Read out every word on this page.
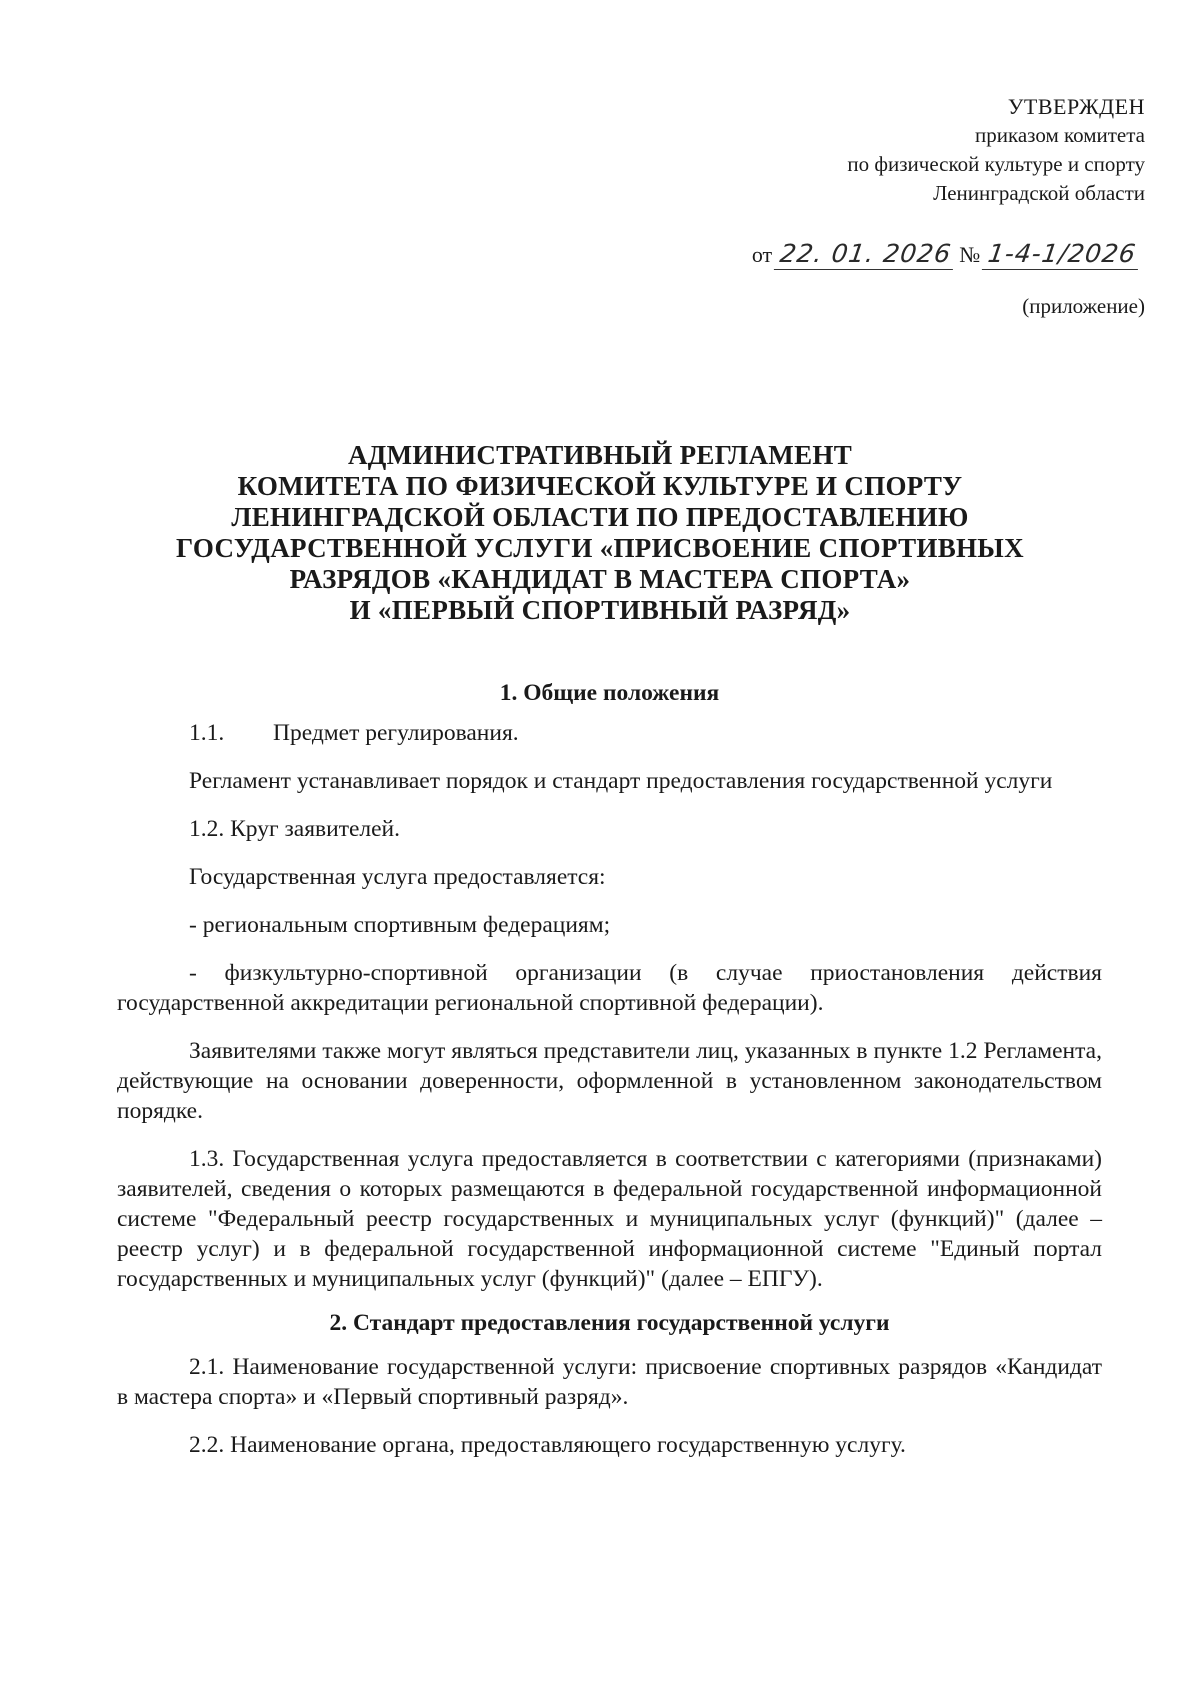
УТВЕРЖДЕН
приказом комитета
по физической культуре и спорту
Ленинградской области
от 22. 01. 2026 № 1-4-1/2026
(приложение)
АДМИНИСТРАТИВНЫЙ РЕГЛАМЕНТ
КОМИТЕТА ПО ФИЗИЧЕСКОЙ КУЛЬТУРЕ И СПОРТУ
ЛЕНИНГРАДСКОЙ ОБЛАСТИ ПО ПРЕДОСТАВЛЕНИЮ
ГОСУДАРСТВЕННОЙ УСЛУГИ «ПРИСВОЕНИЕ СПОРТИВНЫХ
РАЗРЯДОВ «КАНДИДАТ В МАСТЕРА СПОРТА»
И «ПЕРВЫЙ СПОРТИВНЫЙ РАЗРЯД»

1. Общие положения

1.1. Предмет регулирования.

Регламент устанавливает порядок и стандарт предоставления государственной услуги

1.2. Круг заявителей.

Государственная услуга предоставляется:

- региональным спортивным федерациям;

- физкультурно-спортивной организации (в случае приостановления действия государственной аккредитации региональной спортивной федерации).

Заявителями также могут являться представители лиц, указанных в пункте 1.2 Регламента, действующие на основании доверенности, оформленной в установленном законодательством порядке.

1.3. Государственная услуга предоставляется в соответствии с категориями (признаками) заявителей, сведения о которых размещаются в федеральной государственной информационной системе "Федеральный реестр государственных и муниципальных услуг (функций)" (далее – реестр услуг) и в федеральной государственной информационной системе "Единый портал государственных и муниципальных услуг (функций)" (далее – ЕПГУ).

2. Стандарт предоставления государственной услуги

2.1. Наименование государственной услуги: присвоение спортивных разрядов «Кандидат в мастера спорта» и «Первый спортивный разряд».

2.2. Наименование органа, предоставляющего государственную услугу.
